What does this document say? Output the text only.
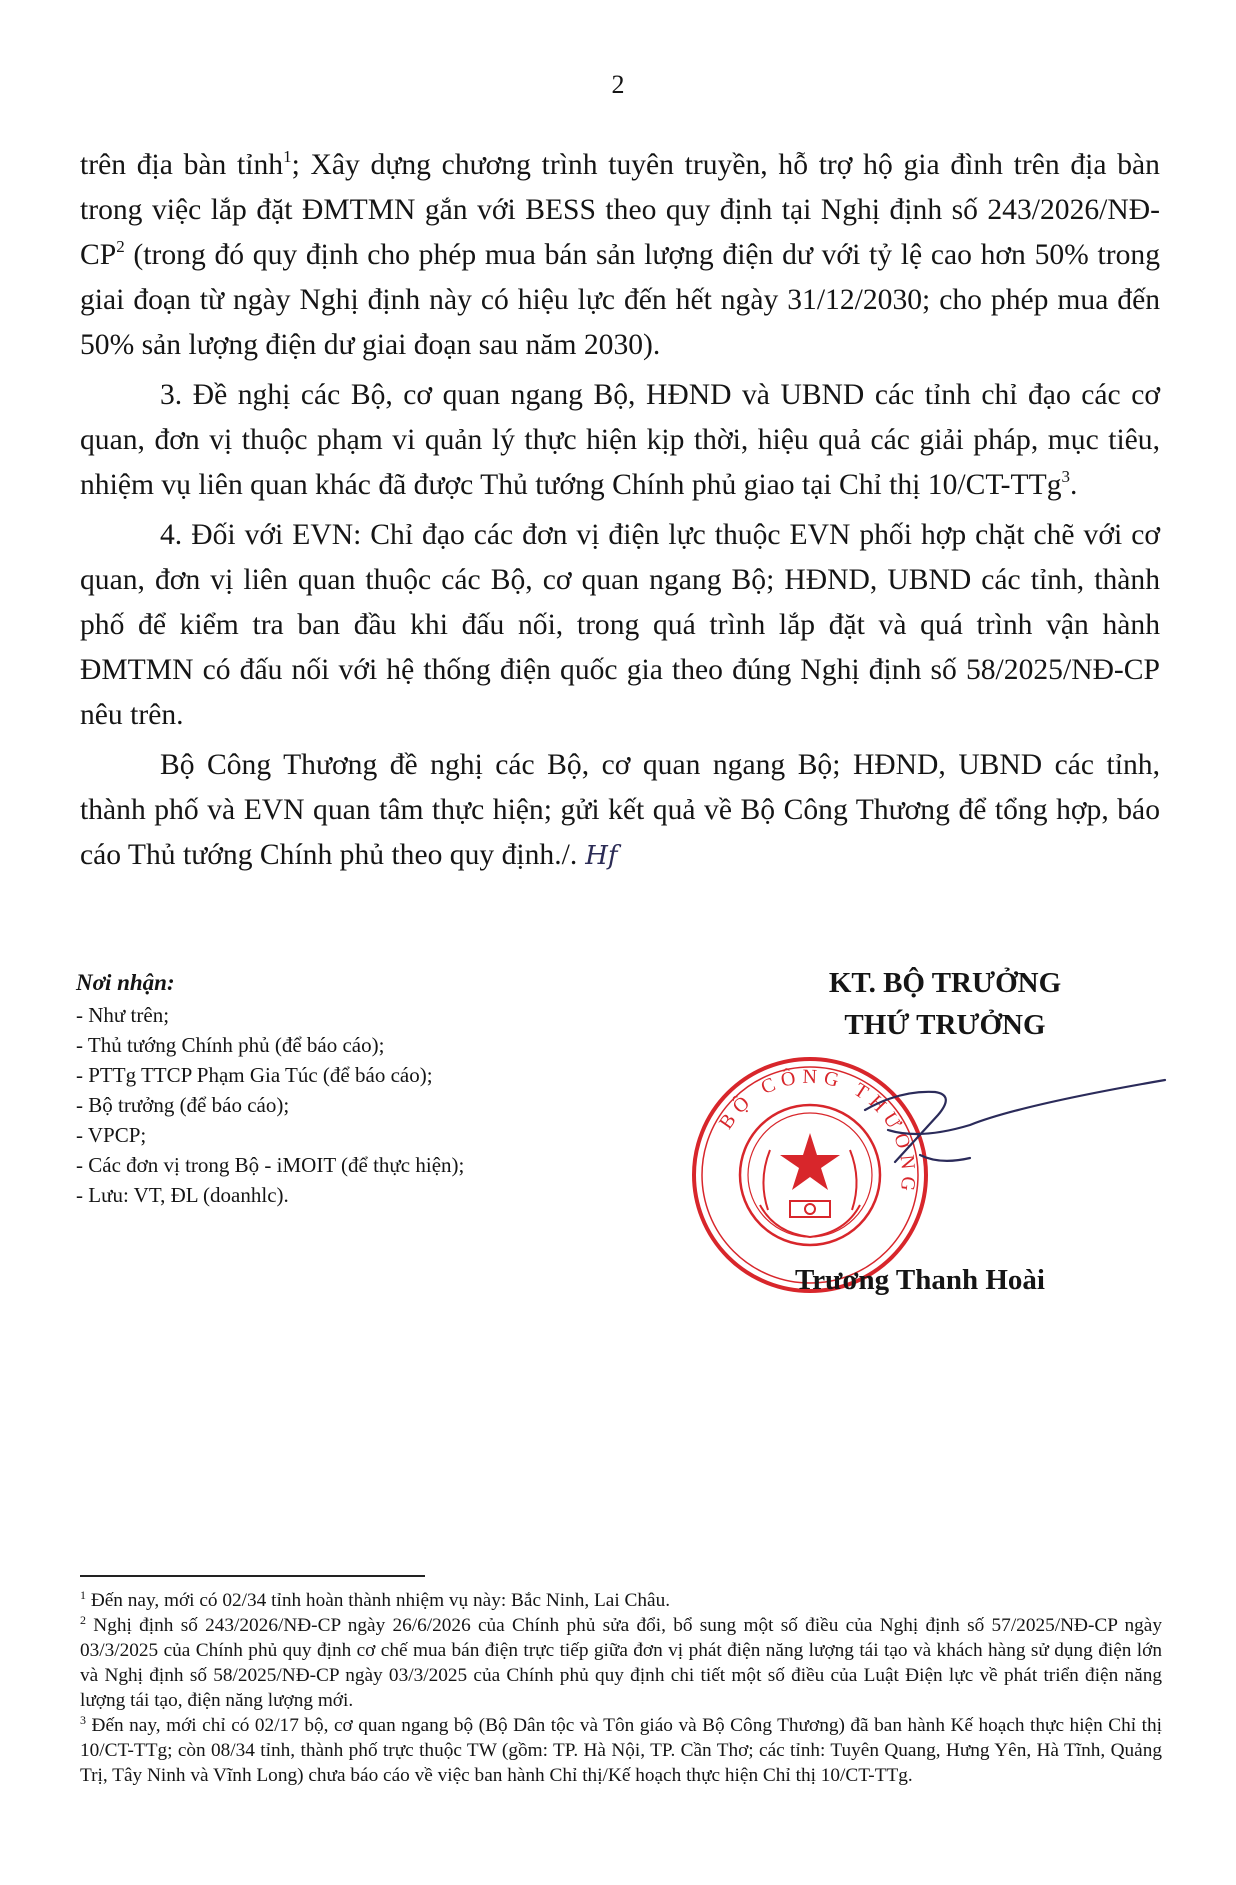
2

trên địa bàn tỉnh$^1$; Xây dựng chương trình tuyên truyền, hỗ trợ hộ gia đình trên địa bàn trong việc lắp đặt ĐMTMN gắn với BESS theo quy định tại Nghị định số $243/2026/NĐ-CP^2$ (trong đó quy định cho phép mua bán sản lượng điện dư với tỷ lệ cao hơn 50% trong giai đoạn từ ngày Nghị định này có hiệu lực đến hết ngày 31/12/2030; cho phép mua đến 50% sản lượng điện dư giai đoạn sau năm 2030).

3. Đề nghị các Bộ, cơ quan ngang Bộ, HĐND và UBND các tỉnh chỉ đạo các cơ quan, đơn vị thuộc phạm vi quản lý thực hiện kịp thời, hiệu quả các giải pháp, mục tiêu, nhiệm vụ liên quan khác đã được Thủ tướng Chính phủ giao tại Chỉ thị 10/CT-TTg$^3$.

4. Đối với EVN: Chỉ đạo các đơn vị điện lực thuộc EVN phối hợp chặt chẽ với cơ quan, đơn vị liên quan thuộc các Bộ, cơ quan ngang Bộ; HĐND, UBND các tỉnh, thành phố để kiểm tra ban đầu khi đấu nối, trong quá trình lắp đặt và quá trình vận hành ĐMTMN có đấu nối với hệ thống điện quốc gia theo đúng Nghị định số 58/2025/NĐ-CP nêu trên.

Bộ Công Thương đề nghị các Bộ, cơ quan ngang Bộ; HĐND, UBND các tỉnh, thành phố và EVN quan tâm thực hiện; gửi kết quả về Bộ Công Thương để tổng hợp, báo cáo Thủ tướng Chính phủ theo quy định./. Hf

Nơi nhận:
- Như trên;
- Thủ tướng Chính phủ (để báo cáo);
- PTTg TTCP Phạm Gia Túc (để báo cáo);
- Bộ trưởng (để báo cáo);
- VPCP;
- Các đơn vị trong Bộ - iMOIT (để thực hiện);
- Lưu: VT, ĐL (doanhlc).
KT. BỘ TRƯỞNG
THỨ TRƯỞNG
BỘ CÔNG THƯƠNG
Trương Thanh Hoài

$^1$ Đến nay, mới có 02/34 tỉnh hoàn thành nhiệm vụ này: Bắc Ninh, Lai Châu.

$^2$ Nghị định số 243/2026/NĐ-CP ngày 26/6/2026 của Chính phủ sửa đổi, bổ sung một số điều của Nghị định số 57/2025/NĐ-CP ngày 03/3/2025 của Chính phủ quy định cơ chế mua bán điện trực tiếp giữa đơn vị phát điện năng lượng tái tạo và khách hàng sử dụng điện lớn và Nghị định số 58/2025/NĐ-CP ngày 03/3/2025 của Chính phủ quy định chi tiết một số điều của Luật Điện lực về phát triển điện năng lượng tái tạo, điện năng lượng mới.

$^3$ Đến nay, mới chỉ có 02/17 bộ, cơ quan ngang bộ (Bộ Dân tộc và Tôn giáo và Bộ Công Thương) đã ban hành Kế hoạch thực hiện Chỉ thị 10/CT-TTg; còn 08/34 tỉnh, thành phố trực thuộc TW (gồm: TP. Hà Nội, TP. Cần Thơ; các tỉnh: Tuyên Quang, Hưng Yên, Hà Tĩnh, Quảng Trị, Tây Ninh và Vĩnh Long) chưa báo cáo về việc ban hành Chỉ thị/Kế hoạch thực hiện Chỉ thị 10/CT-TTg.
